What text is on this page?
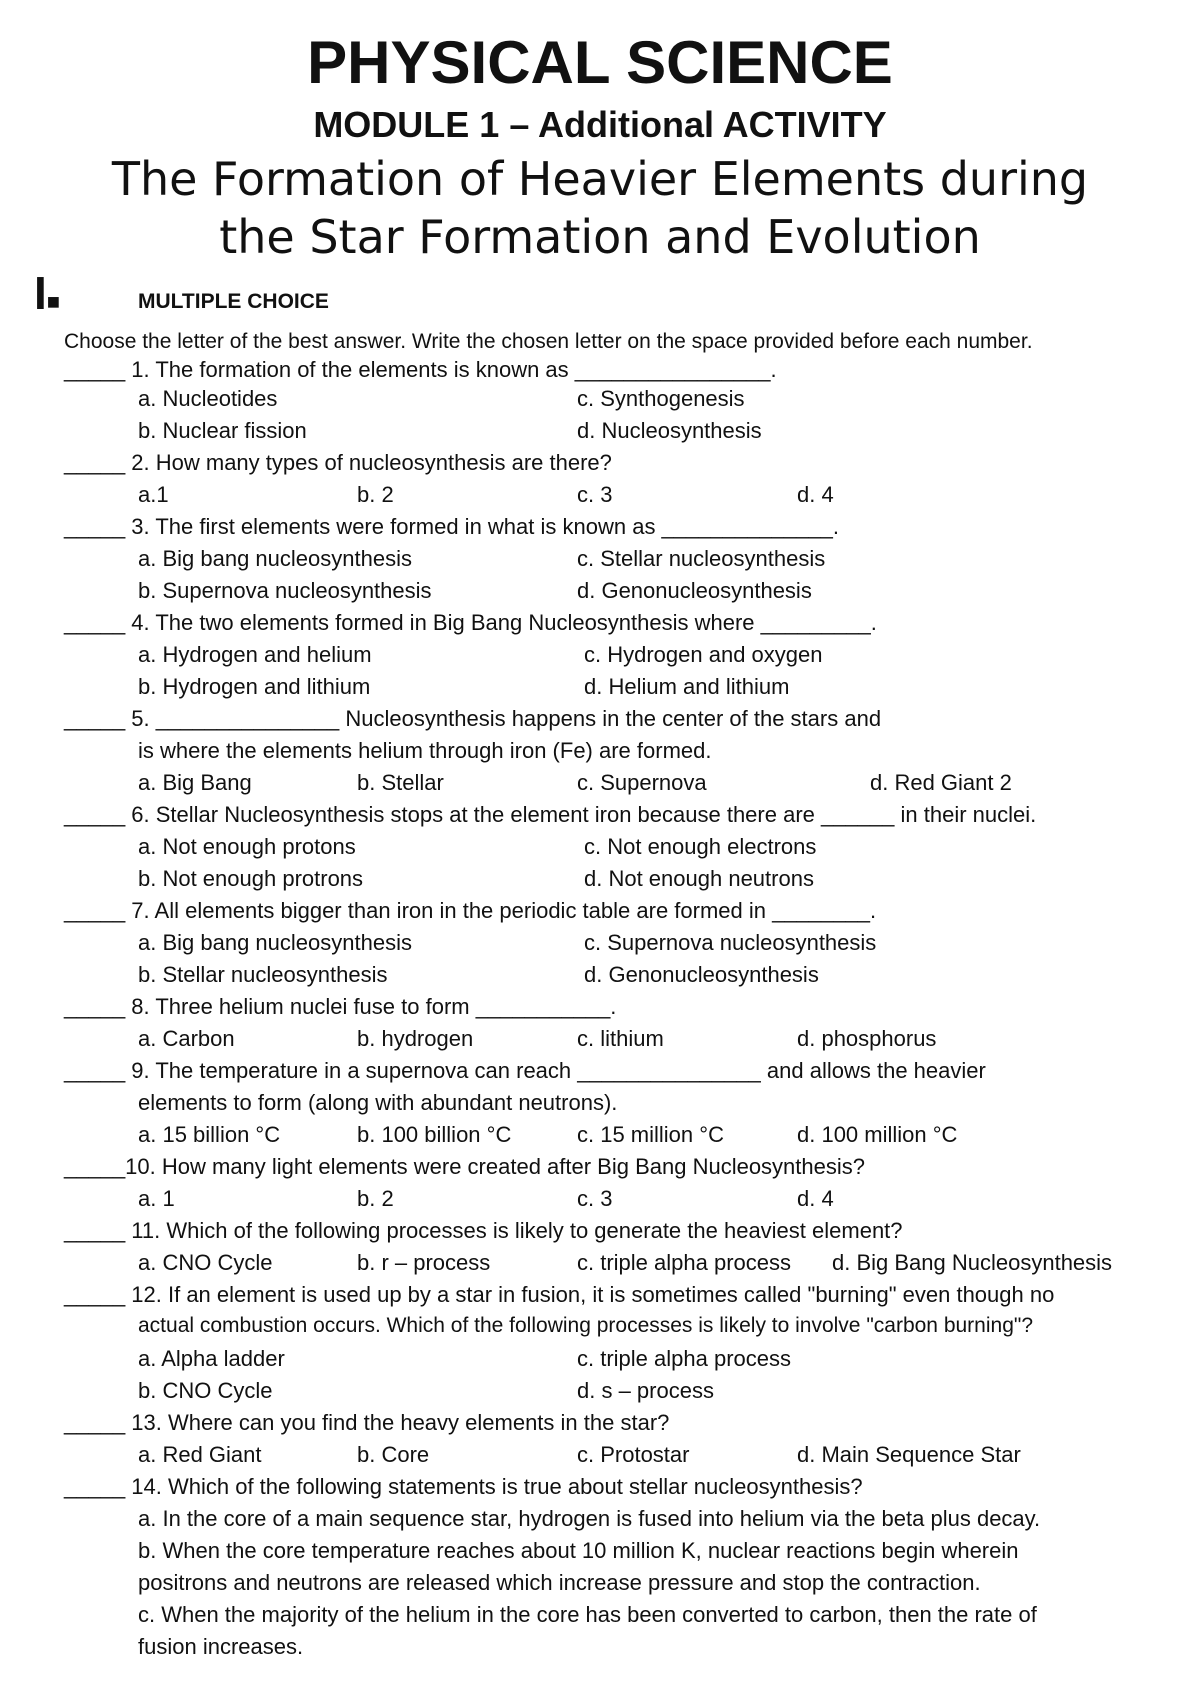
PHYSICAL SCIENCE
MODULE 1 – Additional ACTIVITY
The Formation of Heavier Elements during
the Star Formation and Evolution
I■	MULTIPLE CHOICE
Choose the letter of the best answer. Write the chosen letter on the space provided before each number.
_____ 1. The formation of the elements is known as ________________.
a. Nucleotides	c. Synthogenesis
b. Nuclear fission	d. Nucleosynthesis
_____ 2. How many types of nucleosynthesis are there?
a.1	b. 2	c. 3	d. 4
_____ 3. The first elements were formed in what is known as ______________.
a. Big bang nucleosynthesis	c. Stellar nucleosynthesis
b. Supernova nucleosynthesis	d. Genonucleosynthesis
_____ 4. The two elements formed in Big Bang Nucleosynthesis where _________.
a. Hydrogen and helium	c. Hydrogen and oxygen
b. Hydrogen and lithium	d. Helium and lithium
_____ 5. _______________ Nucleosynthesis happens in the center of the stars and
is where the elements helium through iron (Fe) are formed.
a. Big Bang	b. Stellar	c. Supernova	d. Red Giant 2
_____ 6. Stellar Nucleosynthesis stops at the element iron because there are ______ in their nuclei.
a. Not enough protons	c. Not enough electrons
b. Not enough protrons	d. Not enough neutrons
_____ 7. All elements bigger than iron in the periodic table are formed in ________.
a. Big bang nucleosynthesis	c. Supernova nucleosynthesis
b. Stellar nucleosynthesis	d. Genonucleosynthesis
_____ 8. Three helium nuclei fuse to form ___________.
a. Carbon	b. hydrogen	c. lithium	d. phosphorus
_____ 9. The temperature in a supernova can reach _______________ and allows the heavier
elements to form (along with abundant neutrons).
a. 15 billion °C	b. 100 billion °C	c. 15 million °C	d. 100 million °C
_____10. How many light elements were created after Big Bang Nucleosynthesis?
a. 1	b. 2	c. 3	d. 4
_____ 11. Which of the following processes is likely to generate the heaviest element?
a. CNO Cycle	b. r – process	c. triple alpha process d. Big Bang Nucleosynthesis
_____ 12. If an element is used up by a star in fusion, it is sometimes called "burning" even though no
actual combustion occurs. Which of the following processes is likely to involve "carbon burning"?
a. Alpha ladder	c. triple alpha process
b. CNO Cycle	d. s – process
_____ 13. Where can you find the heavy elements in the star?
a. Red Giant	b. Core	c. Protostar	d. Main Sequence Star
_____ 14. Which of the following statements is true about stellar nucleosynthesis?
a. In the core of a main sequence star, hydrogen is fused into helium via the beta plus decay.
b. When the core temperature reaches about 10 million K, nuclear reactions begin wherein
positrons and neutrons are released which increase pressure and stop the contraction.
c. When the majority of the helium in the core has been converted to carbon, then the rate of
fusion increases.
